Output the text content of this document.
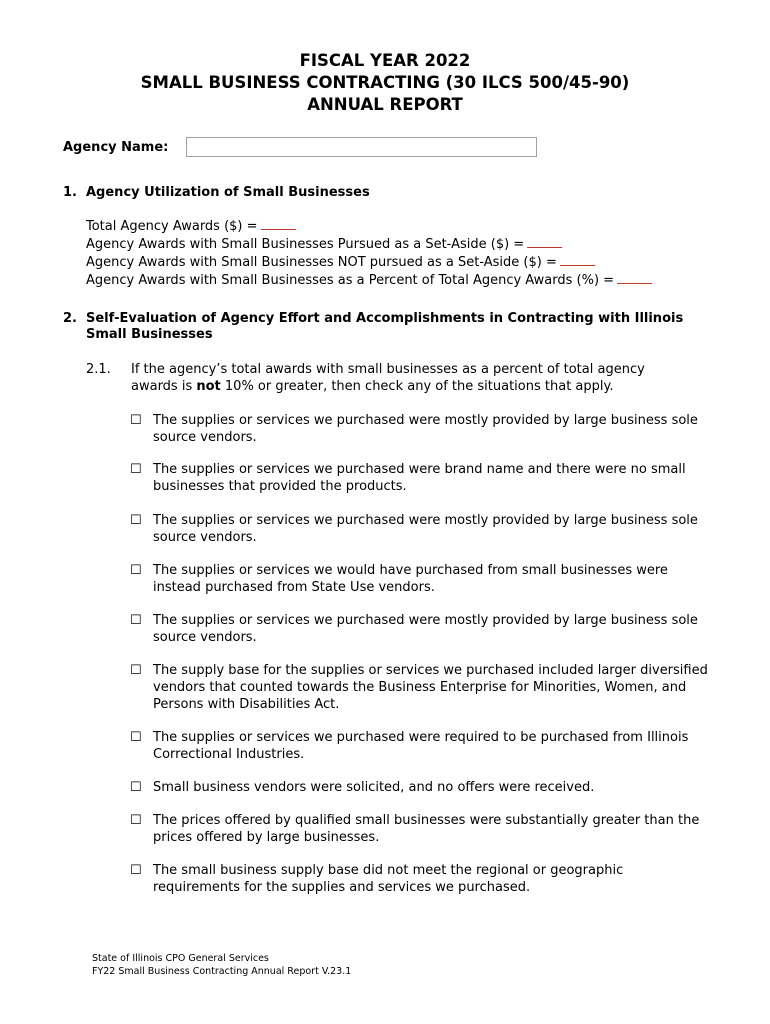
FISCAL YEAR 2022
SMALL BUSINESS CONTRACTING (30 ILCS 500/45-90)
ANNUAL REPORT
Agency Name:
1. Agency Utilization of Small Businesses
Total Agency Awards ($) =
Agency Awards with Small Businesses Pursued as a Set-Aside ($) =
Agency Awards with Small Businesses NOT pursued as a Set-Aside ($) =
Agency Awards with Small Businesses as a Percent of Total Agency Awards (%) =
2. Self-Evaluation of Agency Effort and Accomplishments in Contracting with Illinois Small Businesses
2.1. If the agency’s total awards with small businesses as a percent of total agency awards is not 10% or greater, then check any of the situations that apply.
☐ The supplies or services we purchased were mostly provided by large business sole source vendors.
☐ The supplies or services we purchased were brand name and there were no small businesses that provided the products.
☐ The supplies or services we purchased were mostly provided by large business sole source vendors.
☐ The supplies or services we would have purchased from small businesses were instead purchased from State Use vendors.
☐ The supplies or services we purchased were mostly provided by large business sole source vendors.
☐ The supply base for the supplies or services we purchased included larger diversified vendors that counted towards the Business Enterprise for Minorities, Women, and Persons with Disabilities Act.
☐ The supplies or services we purchased were required to be purchased from Illinois Correctional Industries.
☐ Small business vendors were solicited, and no offers were received.
☐ The prices offered by qualified small businesses were substantially greater than the prices offered by large businesses.
☐ The small business supply base did not meet the regional or geographic requirements for the supplies and services we purchased.
State of Illinois CPO General Services
FY22 Small Business Contracting Annual Report V.23.1
